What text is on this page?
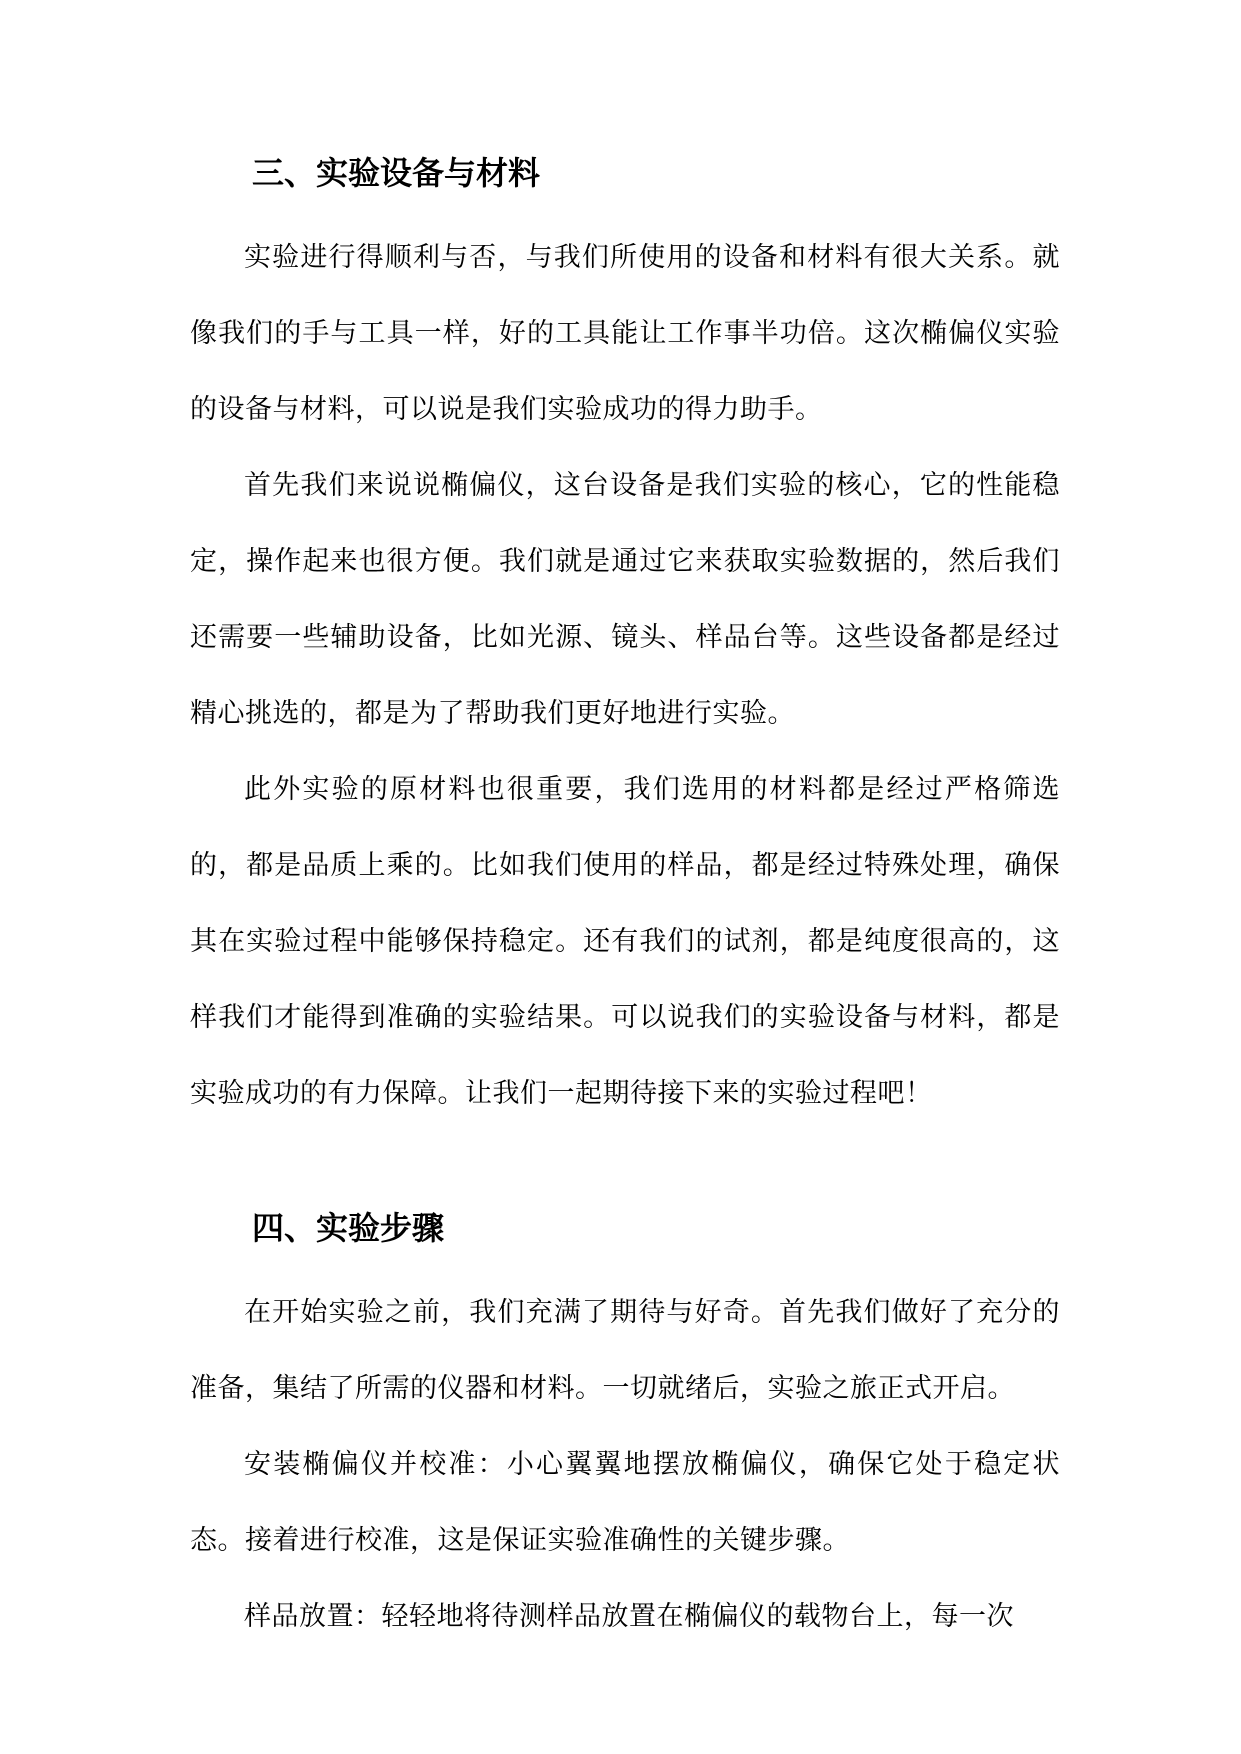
三、实验设备与材料

实验进行得顺利与否，与我们所使用的设备和材料有很大关系。就像我们的手与工具一样，好的工具能让工作事半功倍。这次椭偏仪实验的设备与材料，可以说是我们实验成功的得力助手。

首先我们来说说椭偏仪，这台设备是我们实验的核心，它的性能稳定，操作起来也很方便。我们就是通过它来获取实验数据的，然后我们还需要一些辅助设备，比如光源、镜头、样品台等。这些设备都是经过精心挑选的，都是为了帮助我们更好地进行实验。

此外实验的原材料也很重要，我们选用的材料都是经过严格筛选的，都是品质上乘的。比如我们使用的样品，都是经过特殊处理，确保其在实验过程中能够保持稳定。还有我们的试剂，都是纯度很高的，这样我们才能得到准确的实验结果。可以说我们的实验设备与材料，都是实验成功的有力保障。让我们一起期待接下来的实验过程吧！

四、实验步骤

在开始实验之前，我们充满了期待与好奇。首先我们做好了充分的准备，集结了所需的仪器和材料。一切就绪后，实验之旅正式开启。

安装椭偏仪并校准：小心翼翼地摆放椭偏仪，确保它处于稳定状态。接着进行校准，这是保证实验准确性的关键步骤。

样品放置：轻轻地将待测样品放置在椭偏仪的载物台上，每一次
